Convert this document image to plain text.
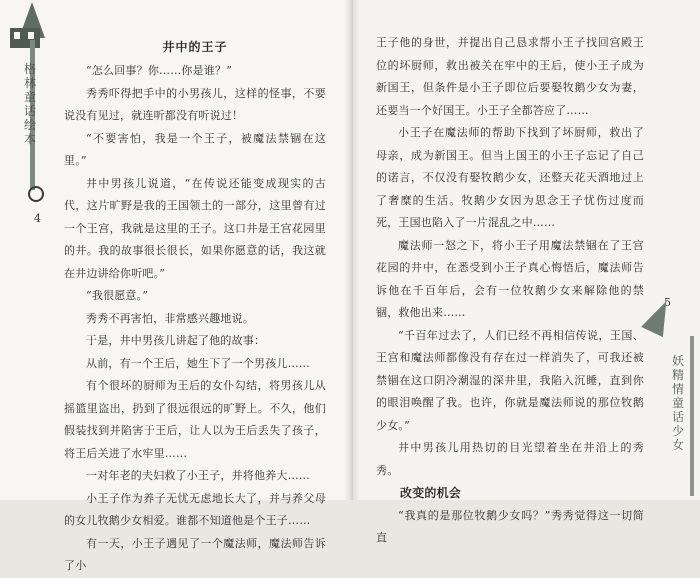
格林童话绘本
井中的王子

“怎么回事？你……你是谁？”

秀秀吓得把手中的小男孩儿，这样的怪事，不要说没有见过，就连听都没有听说过！

“不要害怕，我是一个王子，被魔法禁锢在这里。”

井中男孩儿说道，“在传说还能变成现实的古代，这片旷野是我的王国领土的一部分，这里曾有过一个王宫，我就是这里的王子。这口井是王宫花园里的井。我的故事很长很长，如果你愿意的话，我这就在井边讲给你听吧。”

“我很愿意。”

秀秀不再害怕，非常感兴趣地说。

于是，井中男孩儿讲起了他的故事：

从前，有一个王后，她生下了一个男孩儿……

有个很坏的厨师为王后的女仆勾结，将男孩儿从摇篮里盗出，扔到了很远很远的旷野上。不久，他们假装找到并陷害于王后，让人以为王后丢失了孩子，将王后关进了水牢里……

一对年老的夫妇救了小王子，并将他养大……

小王子作为养子无忧无虑地长大了，并与养父母的女儿牧鹅少女相爱。谁都不知道他是个王子……

有一天，小王子遇见了一个魔法师，魔法师告诉了小

王子他的身世，并提出自己恳求帮小王子找回宫殿王位的坏厨师，救出被关在牢中的王后，使小王子成为新国王，但条件是小王子即位后要娶牧鹅少女为妻，还要当一个好国王。小王子全都答应了……

小王子在魔法师的帮助下找到了坏厨师，救出了母亲，成为新国王。但当上国王的小王子忘记了自己的诺言，不仅没有娶牧鹅少女，还整天花天酒地过上了奢糜的生活。牧鹅少女因为思念王子忧伤过度而死，王国也陷入了一片混乱之中……

魔法师一怒之下，将小王子用魔法禁锢在了王宫花园的井中，在悉受到小王子真心悔悟后，魔法师告诉他在千百年后，会有一位牧鹅少女来解除他的禁锢，救他出来……

“千百年过去了，人们已经不再相信传说，王国、王宫和魔法师都像没有存在过一样消失了，可我还被禁锢在这口阴冷潮湿的深井里，我陷入沉睡，直到你的眼泪唤醒了我。也许，你就是魔法师说的那位牧鹅少女。”

井中男孩儿用热切的目光望着坐在井沿上的秀秀。

改变的机会

“我真的是那位牧鹅少女吗？”秀秀觉得这一切简直

4
5
妖精情童话少女
